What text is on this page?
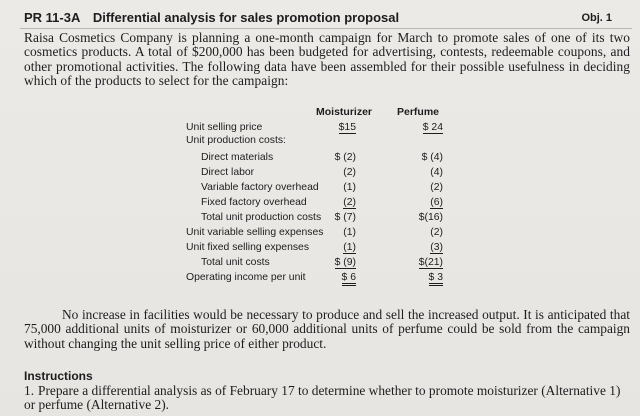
PR 11-3A Differential analysis for sales promotion proposal	Obj. 1
Raisa Cosmetics Company is planning a one-month campaign for March to promote sales of one of its two cosmetics products. A total of $200,000 has been budgeted for advertising, contests, redeemable coupons, and other promotional activities. The following data have been assembled for their possible usefulness in deciding which of the products to select for the campaign:
Moisturizer Perfume
Unit selling price	$15	$ 24
Unit production costs:
Direct materials	$ (2)	$ (4)
Direct labor	(2)	(4)
Variable factory overhead	(1)	(2)
Fixed factory overhead	(2)	(6)
Total unit production costs	$ (7)	$(16)
Unit variable selling expenses	(1)	(2)
Unit fixed selling expenses	(1)	(3)
Total unit costs	$ (9)	$(21)
Operating income per unit	$ 6	$ 3
No increase in facilities would be necessary to produce and sell the increased output. It is anticipated that 75,000 additional units of moisturizer or 60,000 additional units of perfume could be sold from the campaign without changing the unit selling price of either product.
Instructions
1. Prepare a differential analysis as of February 17 to determine whether to promote moisturizer (Alternative 1) or perfume (Alternative 2).
